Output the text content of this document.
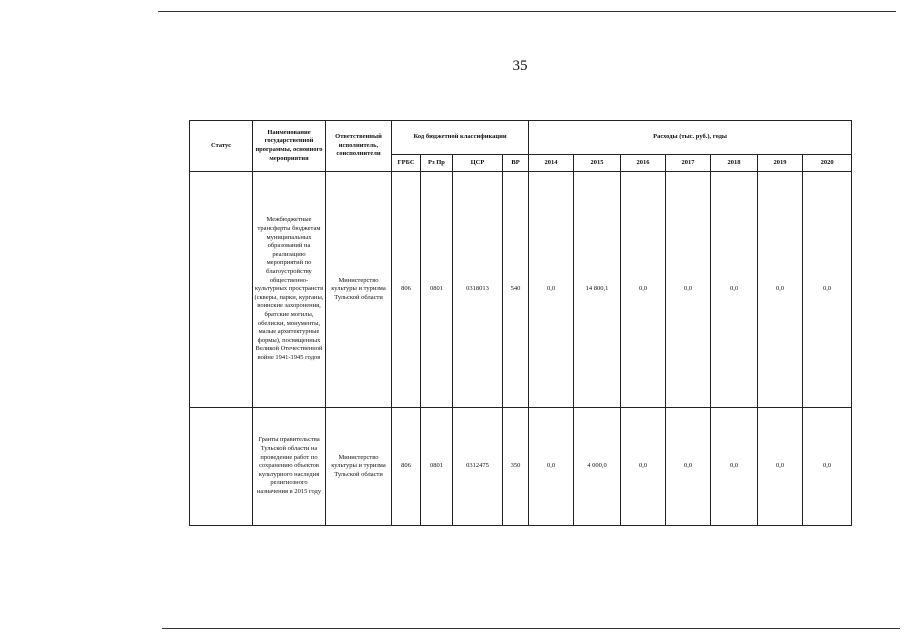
35
Статус	Наименование государственной программы, основного мероприятия	Ответственный исполнитель, соисполнители	Код бюджетной классификации				Расходы (тыс. руб.), годы						
			ГРБС	Рз Пр	ЦСР	ВР	2014	2015	2016	2017	2018	2019	2020
	Межбюджетные трансферты бюджетам муниципальных образований на реализацию мероприятий по благоустройству общественно-культурных пространств (скверы, парки, курганы, воинские захоронения, братские могилы, обелиски, монументы, малые архитектурные формы), посвященных Великой Отечественной войне 1941-1945 годов	Министерство культуры и туризма Тульской области	806	0801	0318013	540	0,0	14 800,1	0,0	0,0	0,0	0,0	0,0
	Гранты правительства Тульской области на проведение работ по сохранению объектов культурного наследия религиозного назначения в 2015 году	Министерство культуры и туризма Тульской области	806	0801	0312475	350	0,0	4 000,0	0,0	0,0	0,0	0,0	0,0
